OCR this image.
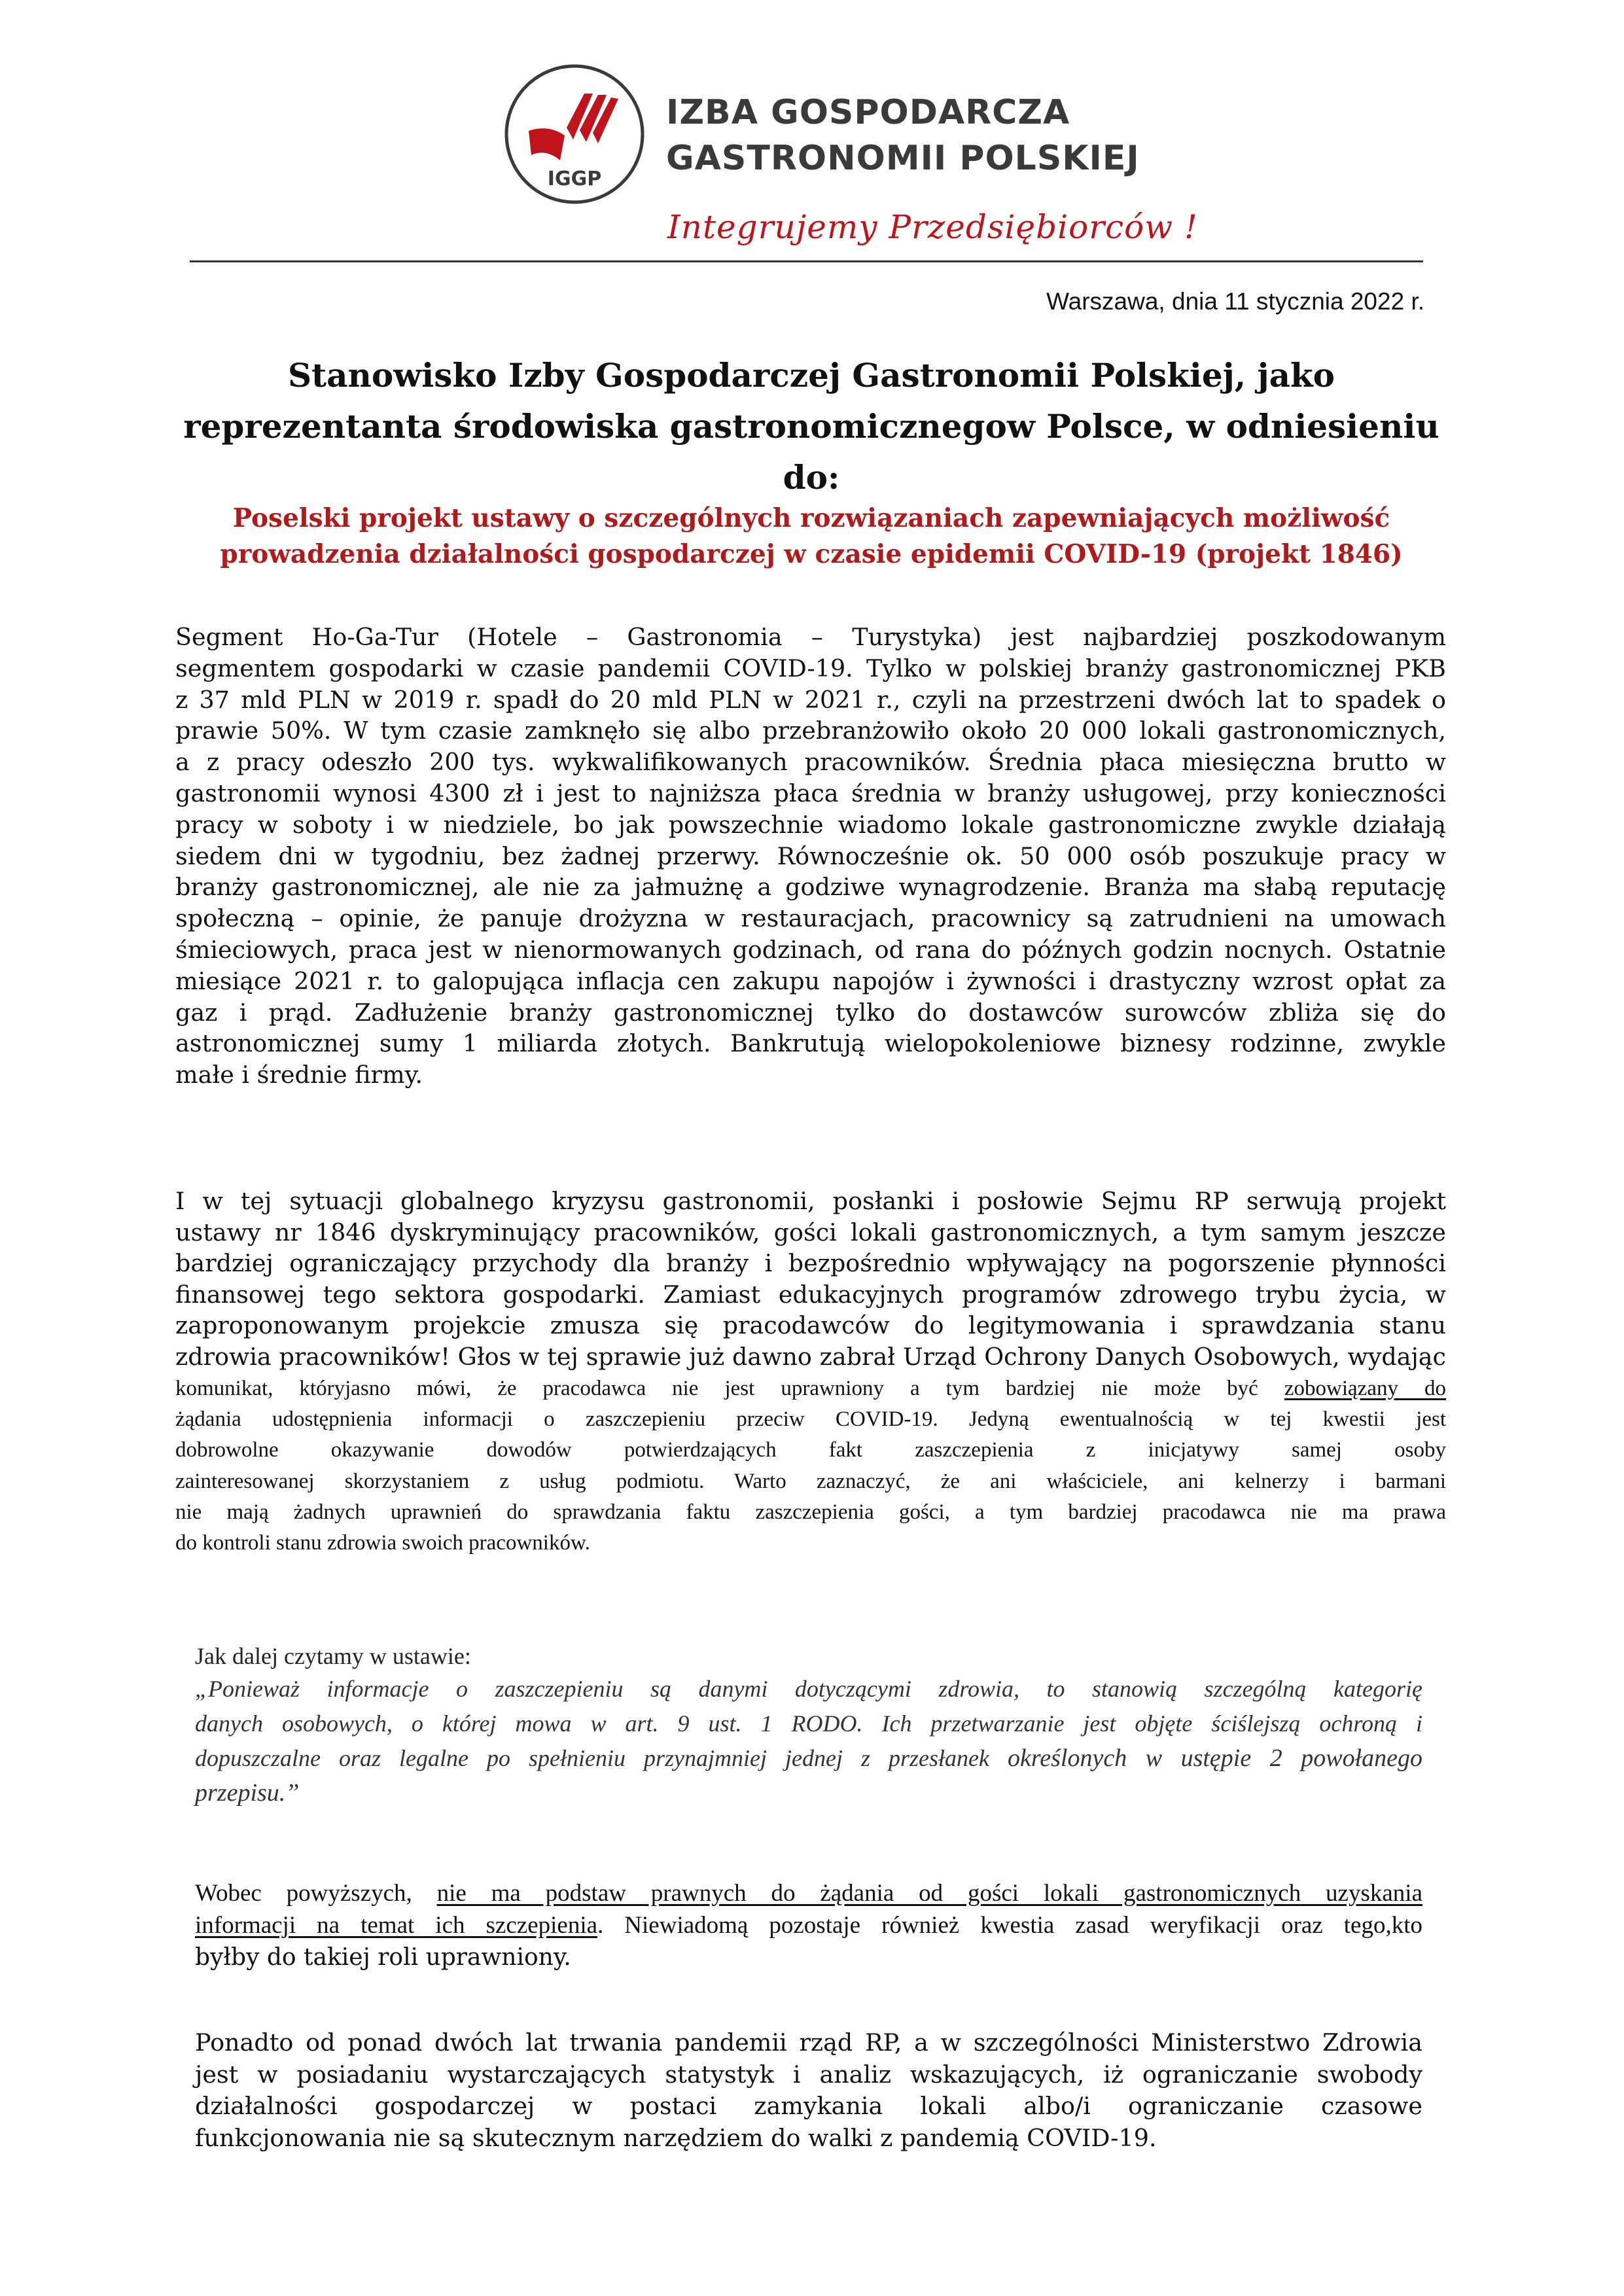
IGGP
IZBA GOSPODARCZA
GASTRONOMII POLSKIEJ
Integrujemy Przedsiębiorców !
Warszawa, dnia 11 stycznia 2022 r.
Stanowisko Izby Gospodarczej Gastronomii Polskiej, jako
reprezentanta środowiska gastronomicznegow Polsce, w odniesieniu
do:
Poselski projekt ustawy o szczególnych rozwiązaniach zapewniających możliwość
prowadzenia działalności gospodarczej w czasie epidemii COVID-19 (projekt 1846)
Segment Ho-Ga-Tur (Hotele – Gastronomia – Turystyka) jest najbardziej poszkodowanym
segmentem gospodarki w czasie pandemii COVID-19. Tylko w polskiej branży gastronomicznej PKB
z 37 mld PLN w 2019 r. spadł do 20 mld PLN w 2021 r., czyli na przestrzeni dwóch lat to spadek o
prawie 50%. W tym czasie zamknęło się albo przebranżowiło około 20 000 lokali gastronomicznych,
a z pracy odeszło 200 tys. wykwalifikowanych pracowników. Średnia płaca miesięczna brutto w
gastronomii wynosi 4300 zł i jest to najniższa płaca średnia w branży usługowej, przy konieczności
pracy w soboty i w niedziele, bo jak powszechnie wiadomo lokale gastronomiczne zwykle działają
siedem dni w tygodniu, bez żadnej przerwy. Równocześnie ok. 50 000 osób poszukuje pracy w
branży gastronomicznej, ale nie za jałmużnę a godziwe wynagrodzenie. Branża ma słabą reputację
społeczną – opinie, że panuje drożyzna w restauracjach, pracownicy są zatrudnieni na umowach
śmieciowych, praca jest w nienormowanych godzinach, od rana do późnych godzin nocnych. Ostatnie
miesiące 2021 r. to galopująca inflacja cen zakupu napojów i żywności i drastyczny wzrost opłat za
gaz i prąd. Zadłużenie branży gastronomicznej tylko do dostawców surowców zbliża się do
astronomicznej sumy 1 miliarda złotych. Bankrutują wielopokoleniowe biznesy rodzinne, zwykle
małe i średnie firmy.
I w tej sytuacji globalnego kryzysu gastronomii, posłanki i posłowie Sejmu RP serwują projekt
ustawy nr 1846 dyskryminujący pracowników, gości lokali gastronomicznych, a tym samym jeszcze
bardziej ograniczający przychody dla branży i bezpośrednio wpływający na pogorszenie płynności
finansowej tego sektora gospodarki. Zamiast edukacyjnych programów zdrowego trybu życia, w
zaproponowanym projekcie zmusza się pracodawców do legitymowania i sprawdzania stanu
zdrowia pracowników! Głos w tej sprawie już dawno zabrał Urząd Ochrony Danych Osobowych, wydając
komunikat, któryjasno mówi, że pracodawca nie jest uprawniony a tym bardziej nie może być zobowiązany do
żądania udostępnienia informacji o zaszczepieniu przeciw COVID-19. Jedyną ewentualnością w tej kwestii jest
dobrowolne okazywanie dowodów potwierdzających fakt zaszczepienia z inicjatywy samej osoby
zainteresowanej skorzystaniem z usług podmiotu. Warto zaznaczyć, że ani właściciele, ani kelnerzy i barmani
nie mają żadnych uprawnień do sprawdzania faktu zaszczepienia gości, a tym bardziej pracodawca nie ma prawa
do kontroli stanu zdrowia swoich pracowników.
Jak dalej czytamy w ustawie:
„Ponieważ informacje o zaszczepieniu są danymi dotyczącymi zdrowia, to stanowią szczególną kategorię
danych osobowych, o której mowa w art. 9 ust. 1 RODO. Ich przetwarzanie jest objęte ściślejszą ochroną i
dopuszczalne oraz legalne po spełnieniu przynajmniej jednej z przesłanek określonych w ustępie 2 powołanego
przepisu.”
Wobec powyższych, nie ma podstaw prawnych do żądania od gości lokali gastronomicznych uzyskania
informacji na temat ich szczepienia. Niewiadomą pozostaje również kwestia zasad weryfikacji oraz tego,kto
byłby do takiej roli uprawniony.
Ponadto od ponad dwóch lat trwania pandemii rząd RP, a w szczególności Ministerstwo Zdrowia
jest w posiadaniu wystarczających statystyk i analiz wskazujących, iż ograniczanie swobody
działalności gospodarczej w postaci zamykania lokali albo/i ograniczanie czasowe
funkcjonowania nie są skutecznym narzędziem do walki z pandemią COVID-19.
